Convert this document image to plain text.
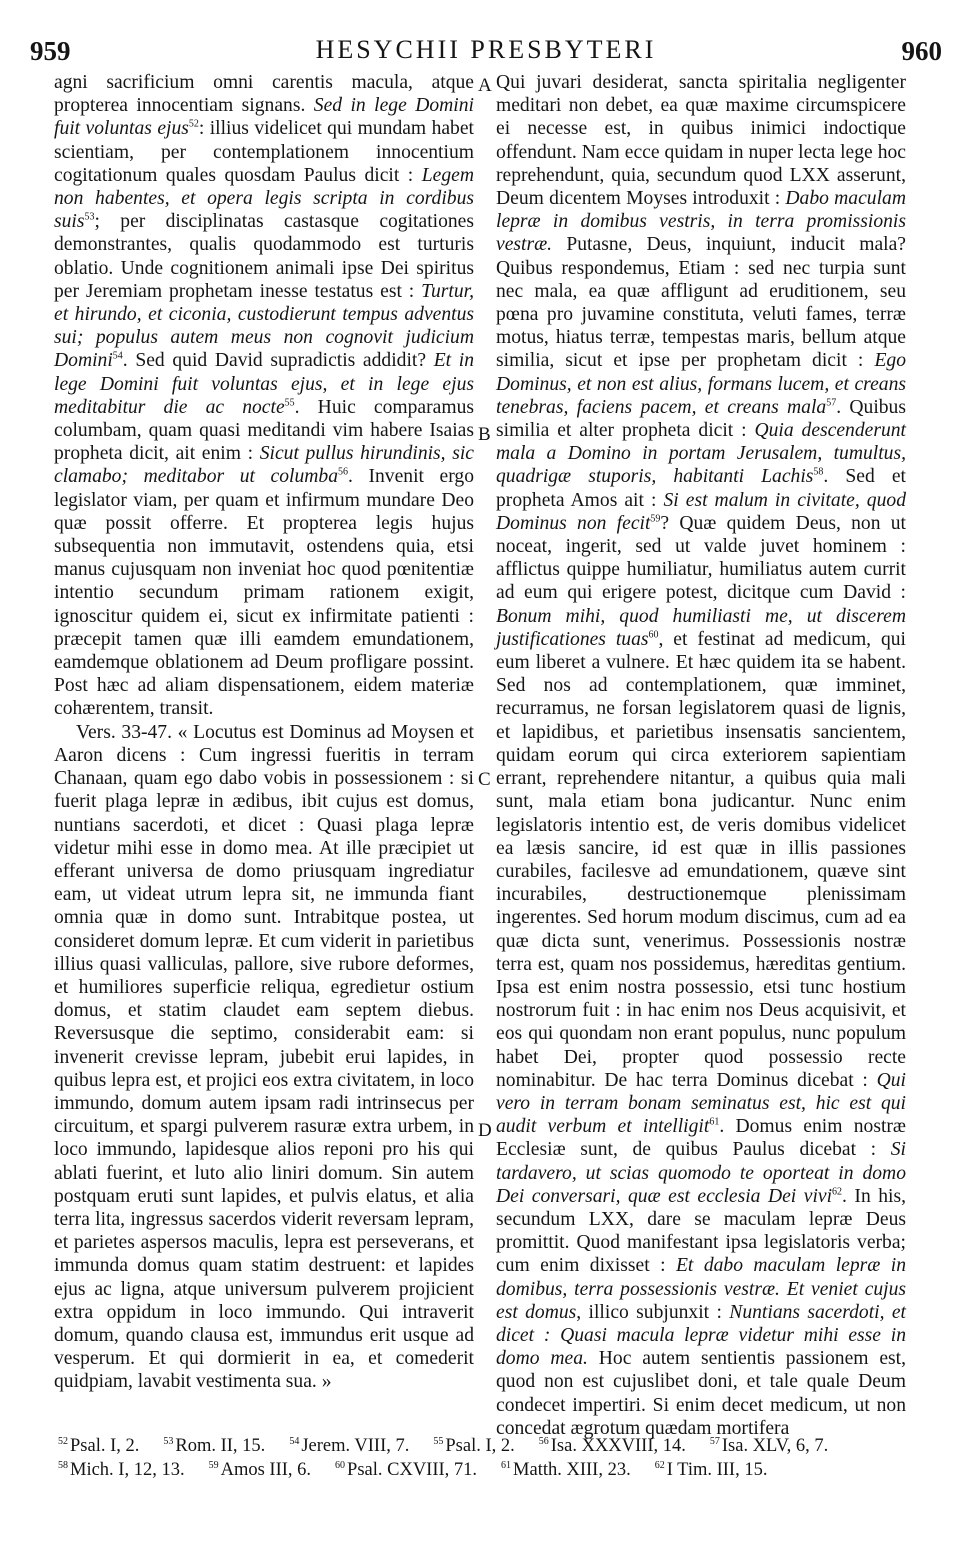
959	HESYCHII PRESBYTERI	960

agni sacrificium omni carentis macula, atque propterea innocentiam signans. Sed in lege Domini fuit voluntas ejus$^{52}$: illius videlicet qui mundam habet scientiam, per contemplationem innocentium cogitationum quales quosdam Paulus dicit : Legem non habentes, et opera legis scripta in cordibus suis$^{53}$; per disciplinatas castasque cogitationes demonstrantes, qualis quodammodo est turturis oblatio. Unde cognitionem animali ipse Dei spiritus per Jeremiam prophetam inesse testatus est : Turtur, et hirundo, et ciconia, custodierunt tempus adventus sui; populus autem meus non cognovit judicium Domini$^{54}$. Sed quid David supradictis addidit? Et in lege Domini fuit voluntas ejus, et in lege ejus meditabitur die ac nocte$^{55}$. Huic comparamus columbam, quam quasi meditandi vim habere Isaias propheta dicit, ait enim : Sicut pullus hirundinis, sic clamabo; meditabor ut columba$^{56}$. Invenit ergo legislator viam, per quam et infirmum mundare Deo quæ possit offerre. Et propterea legis hujus subsequentia non immutavit, ostendens quia, etsi manus cujusquam non inveniat hoc quod pœnitentiæ intentio secundum primam rationem exigit, ignoscitur quidem ei, sicut ex infirmitate patienti : præcepit tamen quæ illi eamdem emundationem, eamdemque oblationem ad Deum profligare possint. Post hæc ad aliam dispensationem, eidem materiæ cohærentem, transit.

Vers. 33-47. « Locutus est Dominus ad Moysen et Aaron dicens : Cum ingressi fueritis in terram Chanaan, quam ego dabo vobis in possessionem : si fuerit plaga lepræ in ædibus, ibit cujus est domus, nuntians sacerdoti, et dicet : Quasi plaga lepræ videtur mihi esse in domo mea. At ille præcipiet ut efferant universa de domo priusquam ingrediatur eam, ut videat utrum lepra sit, ne immunda fiant omnia quæ in domo sunt. Intrabitque postea, ut consideret domum lepræ. Et cum viderit in parietibus illius quasi valliculas, pallore, sive rubore deformes, et humiliores superficie reliqua, egredietur ostium domus, et statim claudet eam septem diebus. Reversusque die septimo, considerabit eam: si invenerit crevisse lepram, jubebit erui lapides, in quibus lepra est, et projici eos extra civitatem, in loco immundo, domum autem ipsam radi intrinsecus per circuitum, et spargi pulverem rasuræ extra urbem, in loco immundo, lapidesque alios reponi pro his qui ablati fuerint, et luto alio liniri domum. Sin autem postquam eruti sunt lapides, et pulvis elatus, et alia terra lita, ingressus sacerdos viderit reversam lepram, et parietes aspersos maculis, lepra est perseverans, et immunda domus quam statim destruent: et lapides ejus ac ligna, atque universum pulverem projicient extra oppidum in loco immundo. Qui intraverit domum, quando clausa est, immundus erit usque ad vesperum. Et qui dormierit in ea, et comederit quidpiam, lavabit vestimenta sua. »

Qui juvari desiderat, sancta spiritalia negligenter meditari non debet, ea quæ maxime circumspicere ei necesse est, in quibus inimici indoctique offendunt. Nam ecce quidam in nuper lecta lege hoc reprehendunt, quia, secundum quod LXX asserunt, Deum dicentem Moyses introduxit : Dabo maculam lepræ in domibus vestris, in terra promissionis vestræ. Putasne, Deus, inquiunt, inducit mala? Quibus respondemus, Etiam : sed nec turpia sunt nec mala, ea quæ affligunt ad eruditionem, seu pœna pro juvamine constituta, veluti fames, terræ motus, hiatus terræ, tempestas maris, bellum atque similia, sicut et ipse per prophetam dicit : Ego Dominus, et non est alius, formans lucem, et creans tenebras, faciens pacem, et creans mala$^{57}$. Quibus similia et alter propheta dicit : Quia descenderunt mala a Domino in portam Jerusalem, tumultus, quadrigæ stuporis, habitanti Lachis$^{58}$. Sed et propheta Amos ait : Si est malum in civitate, quod Dominus non fecit$^{59}$? Quæ quidem Deus, non ut noceat, ingerit, sed ut valde juvet hominem : afflictus quippe humiliatur, humiliatus autem currit ad eum qui erigere potest, dicitque cum David : Bonum mihi, quod humiliasti me, ut discerem justificationes tuas$^{60}$, et festinat ad medicum, qui eum liberet a vulnere. Et hæc quidem ita se habent. Sed nos ad contemplationem, quæ imminet, recurramus, ne forsan legislatorem quasi de lignis, et lapidibus, et parietibus insensatis sancientem, quidam eorum qui circa exteriorem sapientiam errant, reprehendere nitantur, a quibus quia mali sunt, mala etiam bona judicantur. Nunc enim legislatoris intentio est, de veris domibus videlicet ea læsis sancire, id est quæ in illis passiones curabiles, facilesve ad emundationem, quæve sint incurabiles, destructionemque plenissimam ingerentes. Sed horum modum discimus, cum ad ea quæ dicta sunt, venerimus. Possessionis nostræ terra est, quam nos possidemus, hæreditas gentium. Ipsa est enim nostra possessio, etsi tunc hostium nostrorum fuit : in hac enim nos Deus acquisivit, et eos qui quondam non erant populus, nunc populum habet Dei, propter quod possessio recte nominabitur. De hac terra Dominus dicebat : Qui vero in terram bonam seminatus est, hic est qui audit verbum et intelligit$^{61}$. Domus enim nostræ Ecclesiæ sunt, de quibus Paulus dicebat : Si tardavero, ut scias quomodo te oporteat in domo Dei conversari, quæ est ecclesia Dei vivi$^{62}$. In his, secundum LXX, dare se maculam lepræ Deus promittit. Quod manifestant ipsa legislatoris verba; cum enim dixisset : Et dabo maculam lepræ in domibus, terra possessionis vestræ. Et veniet cujus est domus, illico subjunxit : Nuntians sacerdoti, et dicet : Quasi macula lepræ videtur mihi esse in domo mea. Hoc autem sentientis passionem est, quod non est cujuslibet doni, et tale quale Deum condecet impertiri. Si enim decet medicum, ut non concedat ægrotum quædam mortifera

A
B
C
D
$^{52}$ Psal. I, 2. $^{53}$ Rom. II, 15. $^{54}$ Jerem. VIII, 7. $^{55}$ Psal. I, 2. $^{56}$ Isa. XXXVIII, 14. $^{57}$ Isa. XLV, 6, 7.
$^{58}$ Mich. I, 12, 13. $^{59}$ Amos III, 6. $^{60}$ Psal. CXVIII, 71. $^{61}$ Matth. XIII, 23. $^{62}$ I Tim. III, 15.
